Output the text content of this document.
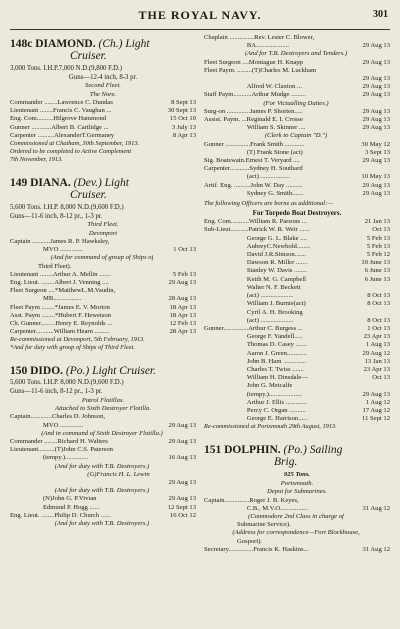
THE ROYAL NAVY.	301
148c DIAMOND. (Ch.) Light
Cruiser.
3,000 Tons. I.H.P.7,000 N.D.(9,800 F.D.)
Guns—12-4 inch, 8-3 pr.
Second Fleet.
The Nore.
Commander ........Lawrence C. Dundas	8 Sept 13
Lieutenant ........Francis C. Vaughan ...	30 Sept 13
Eng. Com..........Hilgrove Hammond	15 Oct 10
Gunner ............Albert B. Cartlidge ...	3 July 13
Carpenter ..........AlexanderT.Germaney	8 Apr 13
Commissioned at Chatham, 30th September, 1913.
Ordered to be completed to Active Complement
7th November, 1913.
149 DIANA. (Dev.) Light
Cruiser.
5,600 Tons. I.H.P. 8,000 N.D.(9,600 F.D.)
Guns—11-6 inch, 8-12 pr., 1-3 pr.
Third Fleet.
Devonport
Captain ...........James R. P. Hawksley,
MVO ..............	1 Oct 13
(And for command of group of Ships of
Third Fleet).
Lieutenant ........Arthur A. Mellin .......	5 Feb 13
Eng. Lieut. ........Albert J. Venning ....	29 Aug 13
Fleet Surgeon ....*MatthewL.M.Vaudin,
MB.................	28 Aug 13
Fleet Paym ........*James E. V. Morton	18 Apr 13
Asst. Paym ........*Hubert F. Hewetson	18 Apr 13
Ch. Gunner.........Henry E. Reynolds ...	12 Feb 13
Carpenter...........William Hearn .........	28 Apr 13
Re-commissioned at Devonport, 5th February, 1913.
*And for duty with group of Ships of Third Fleet.
150 DIDO. (Po.) Light Cruiser.
5,600 Tons. I.H.P. 8,000 N.D.(9,600 F.D.)
Guns—11-6 inch, 8-12 pr., 1-3 pr.
Patrol Flotillas.
Attached to Sixth Destroyer Flotilla.
Captain.............Charles D. Johnson,
MVO ..............	29 Aug 13
(And in command of Sixth Destroyer Flotilla.)
Commander ........Richard H. Walters	29 Aug 13
Lieutenant..........(T)John C.S. Paterson
(tempy.)..............	16 Aug 13
(And for duty with T.B. Destroyers.)
(G)Francis H. L. Lewin

29 Aug 13
(And for duty with T.B. Destroyers.)
(N)John G. P.Vivian	29 Aug 13
Edmund P. Hogg ......	12 Sept 13
Eng. Lieut. ........Philip D. Church ......	16 Oct 12
(And for duty with T.B. Destroyers.)
Chaplain ...............Rev. Lester C. Blower,
BA....................	29 Aug 13
(And for T.B. Destroyers and Tenders.)
Fleet Surgeon ....Montague H. Knapp	29 Aug 13
Fleet Paym. .........(T)Charles M. Luckham

29 Aug 13
Alfred W. Claxton ...	29 Aug 13
Staff Paym...........Arthur Mudge .........	29 Aug 13
(For Victualling Duties.)
Surg-on ..............James P. Shorten.....	29 Aug 13
Assist. Paym. ...Reginald E. I. Crosse	29 Aug 13
William S. Skinner ....	29 Aug 13
(Clerk to Captain "D.")
Gunner ...............Frank Smith ............	30 May 12
(T) Frank Stone (act)	3 Sept 13
Sig. Boatswain.Ernest T. Veryard ....	29 Aug 13
Carpenter............Sydney H. Southard
(act) ..................	10 May 13
Artif. Eng. ..........John W. Day ..........	29 Aug 13
Sydney G. Smith.......	29 Aug 13
The following Officers are borne as additional:—
For Torpedo Boat Destroyers.
Eng. Com...........William R. Parsons ...	21 Jan 13
Sub-Lieut...........Patrick W. R. Weir ......	Oct 13
George G. L. Blake ....	5 Feb 13
AubreyC.Newbold........	5 Feb 13
David J.R.Simson.......	5 Feb 12
Dawson R. Miller .......	10 June 13
Stanley W. Davis ........	6 June 13
Keith M. G. Campbell	6 June 13
Walter N. F. Beckett
(act) ....................	8 Oct 13
William J. Burnie(act)	8 Oct 13
Cyril A. H. Brooking
(act) ....................	8 Oct 13
Gunner...............Arthur C. Burgess ...	1 Oct 13
George F. Yandell.....	23 Apr 13
Thomas D. Casey .......	1 Aug 13
Aaron J. Green............	29 Aug 12
John B. Ham ..............	13 Jan 13
Charles T. Twiss .......	23 Apr 13
William H. Dinsdale—	Oct 13
John G. Metcalfe
(tempy.)....................	29 Aug 13
Arthur J. Ellis .............	1 Aug 12
Percy C. Organ ..........	17 Aug 12
George E. Harrison......	11 Sept 12
Re-commissioned at Portsmouth 29th August, 1913.
151 DOLPHIN. (Po.) Sailing
Brig.
925 Tons.
Portsmouth.
Depot for Submarines.
Captain...............Roger J. B. Keyes,
C.B., M.V.O.................	31 Aug 12
(Commodore 2nd Class in charge of
Submarine Service).
(Address for correspondence—Fort Blockhouse,
Gosport).
Secretary...............Francis K. Haskins...	31 Aug 12
